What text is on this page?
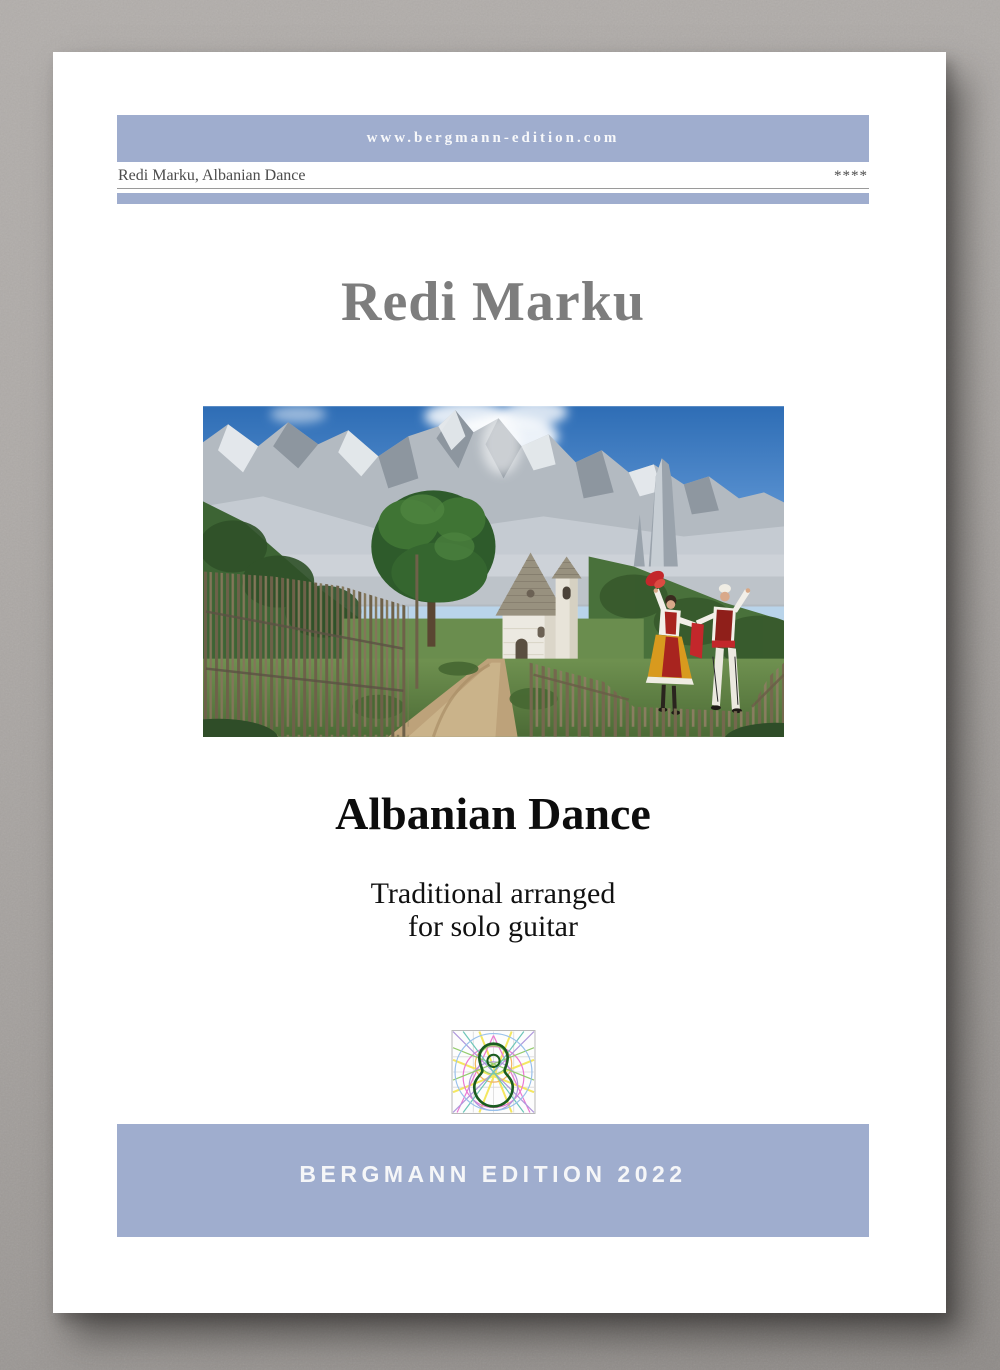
www.bergmann-edition.com
Redi Marku, Albanian Dance	****
Redi Marku
Albanian Dance

Traditional arranged
for solo guitar

BERGMANN EDITION 2022
